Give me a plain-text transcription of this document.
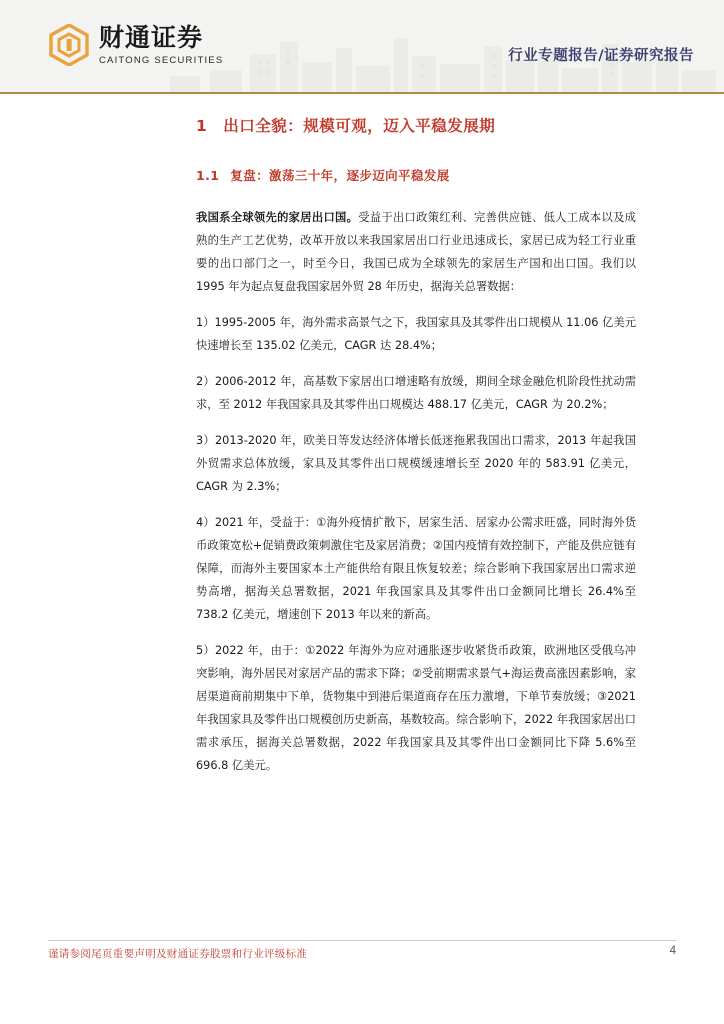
财通证券
CAITONG SECURITIES	行业专题报告/证券研究报告
1 出口全貌：规模可观，迈入平稳发展期
1.1 复盘：激荡三十年，逐步迈向平稳发展

我国系全球领先的家居出口国。受益于出口政策红利、完善供应链、低人工成本以及成熟的生产工艺优势，改革开放以来我国家居出口行业迅速成长，家居已成为轻工行业重要的出口部门之一，时至今日，我国已成为全球领先的家居生产国和出口国。我们以 1995 年为起点复盘我国家居外贸 28 年历史，据海关总署数据：

1）1995-2005 年，海外需求高景气之下，我国家具及其零件出口规模从 11.06 亿美元快速增长至 135.02 亿美元，CAGR 达 28.4%；

2）2006-2012 年，高基数下家居出口增速略有放缓，期间全球金融危机阶段性扰动需求，至 2012 年我国家具及其零件出口规模达 488.17 亿美元，CAGR 为 20.2%；

3）2013-2020 年，欧美日等发达经济体增长低迷拖累我国出口需求，2013 年起我国外贸需求总体放缓，家具及其零件出口规模缓速增长至 2020 年的 583.91 亿美元，CAGR 为 2.3%；

4）2021 年，受益于：①海外疫情扩散下，居家生活、居家办公需求旺盛，同时海外货币政策宽松+促销费政策刺激住宅及家居消费；②国内疫情有效控制下，产能及供应链有保障，而海外主要国家本土产能供给有限且恢复较差；综合影响下我国家居出口需求逆势高增，据海关总署数据，2021 年我国家具及其零件出口金额同比增长 26.4%至 738.2 亿美元，增速创下 2013 年以来的新高。

5）2022 年，由于：①2022 年海外为应对通胀逐步收紧货币政策，欧洲地区受俄乌冲突影响，海外居民对家居产品的需求下降；②受前期需求景气+海运费高涨因素影响，家居渠道商前期集中下单，货物集中到港后渠道商存在压力激增，下单节奏放缓；③2021 年我国家具及零件出口规模创历史新高，基数较高。综合影响下，2022 年我国家居出口需求承压，据海关总署数据，2022 年我国家具及其零件出口金额同比下降 5.6%至 696.8 亿美元。

谨请参阅尾页重要声明及财通证券股票和行业评级标准	4
